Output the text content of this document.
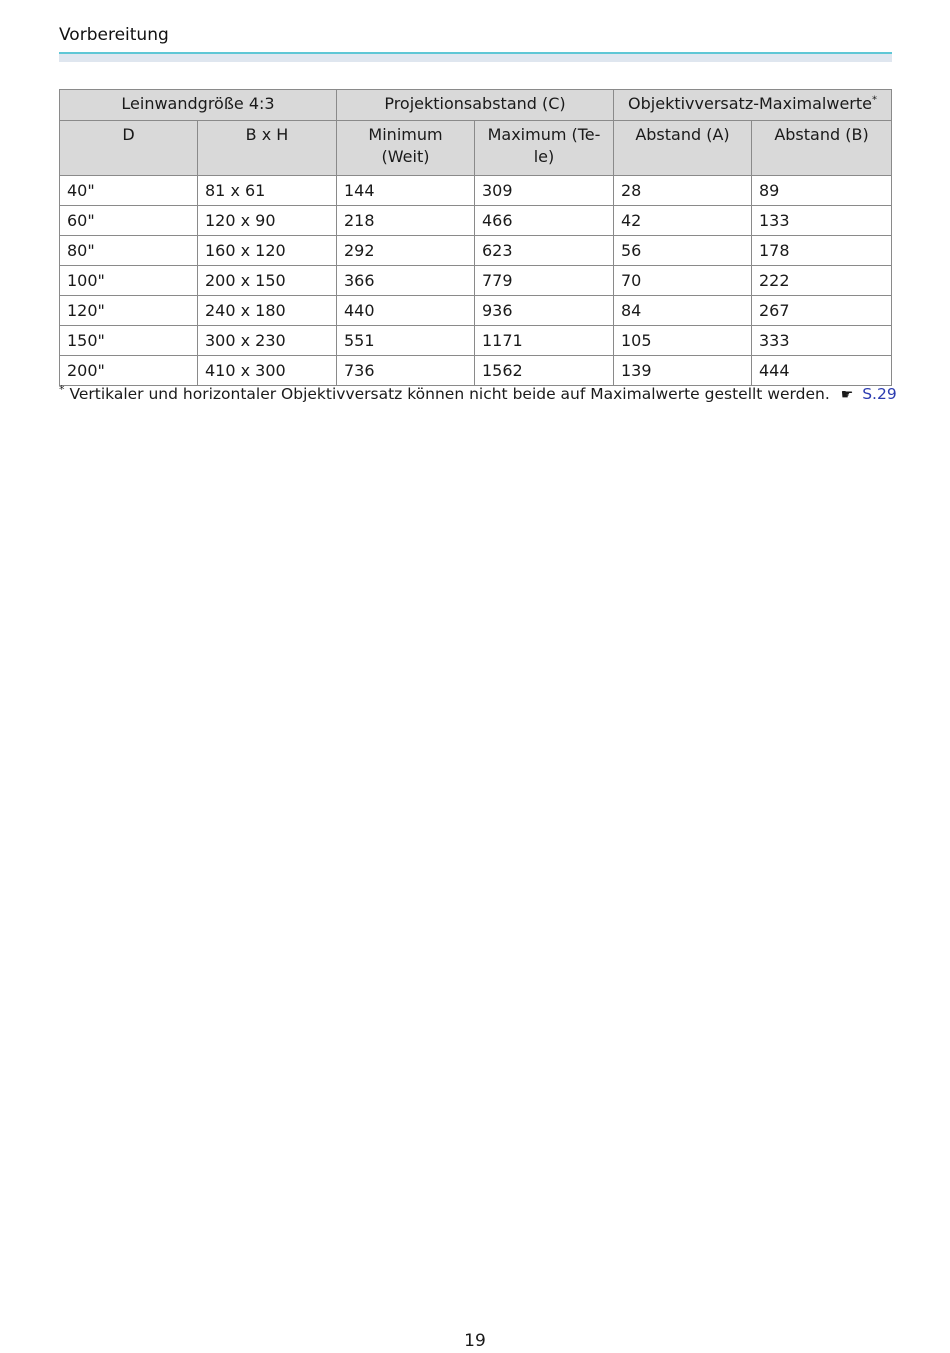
Vorbereitung
Leinwandgröße 4:3		Projektionsabstand (C)		Objektivversatz-Maximalwerte*
D	B x H	Minimum (Weit)	Maximum (Te-le)	Abstand (A)	Abstand (B)
40"	81 x 61	144	309	28	89
60"	120 x 90	218	466	42	133
80"	160 x 120	292	623	56	178
100"	200 x 150	366	779	70	222
120"	240 x 180	440	936	84	267
150"	300 x 230	551	1171	105	333
200"	410 x 300	736	1562	139	444
* Vertikaler und horizontaler Objektivversatz können nicht beide auf Maximalwerte gestellt werden. ☛ S.29
19
